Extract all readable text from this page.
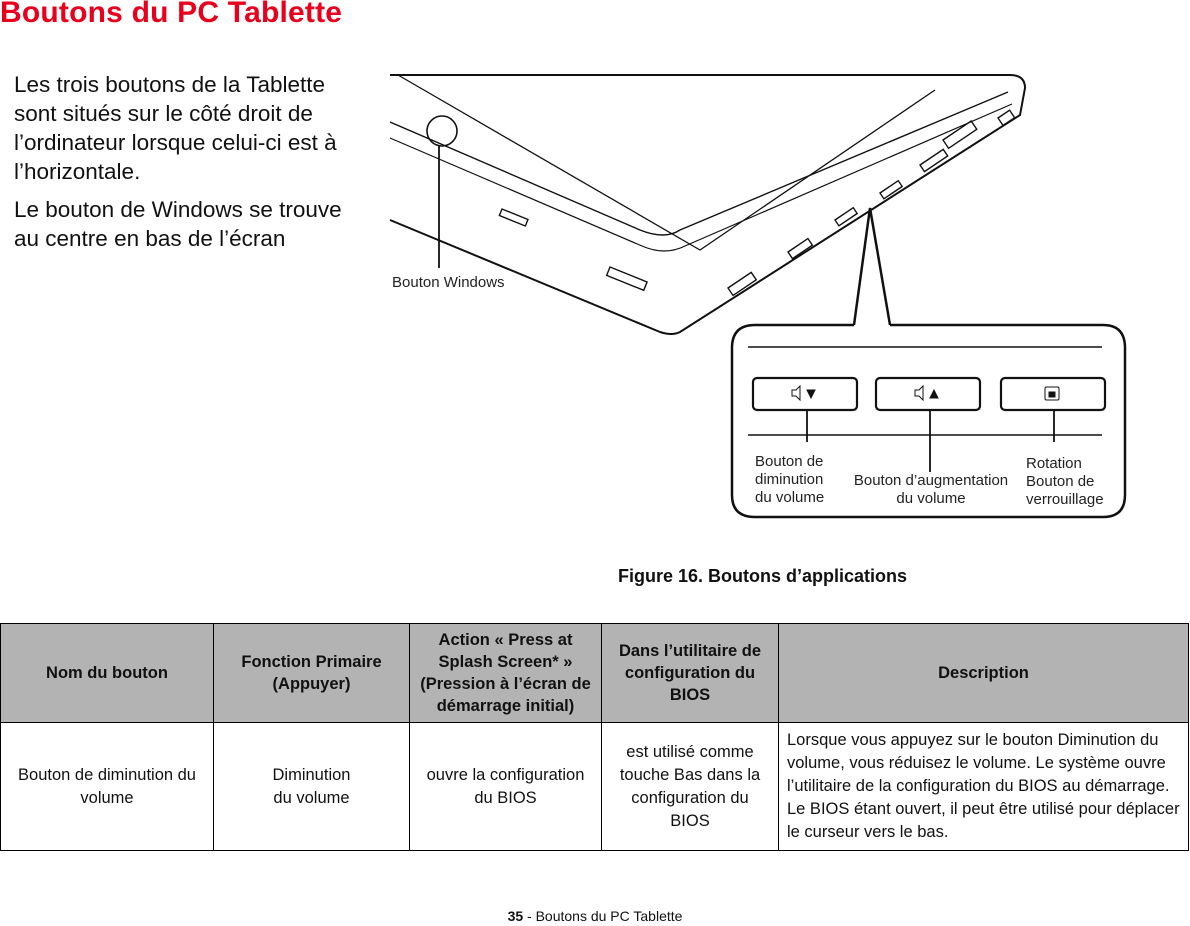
Boutons du PC Tablette

Les trois boutons de la Tablette sont situés sur le côté droit de l’ordinateur lorsque celui-ci est à l’horizontale.

Le bouton de Windows se trouve au centre en bas de l’écran

Bouton Windows
Bouton de
diminution
du volume
Bouton d’augmentation
du volume
Rotation
Bouton de
verrouillage
Figure 16. Boutons d’applications
Nom du bouton	Fonction Primaire (Appuyer)	Action « Press at Splash Screen* » (Pression à l’écran de démarrage initial)	Dans l’utilitaire de configuration du BIOS	Description
Bouton de diminution du volume	Diminution
du volume	ouvre la configuration du BIOS	est utilisé comme touche Bas dans la configuration du BIOS	Lorsque vous appuyez sur le bouton Diminution du volume, vous réduisez le volume. Le système ouvre l’utilitaire de la configuration du BIOS au démarrage. Le BIOS étant ouvert, il peut être utilisé pour déplacer le curseur vers le bas.
35 - Boutons du PC Tablette
